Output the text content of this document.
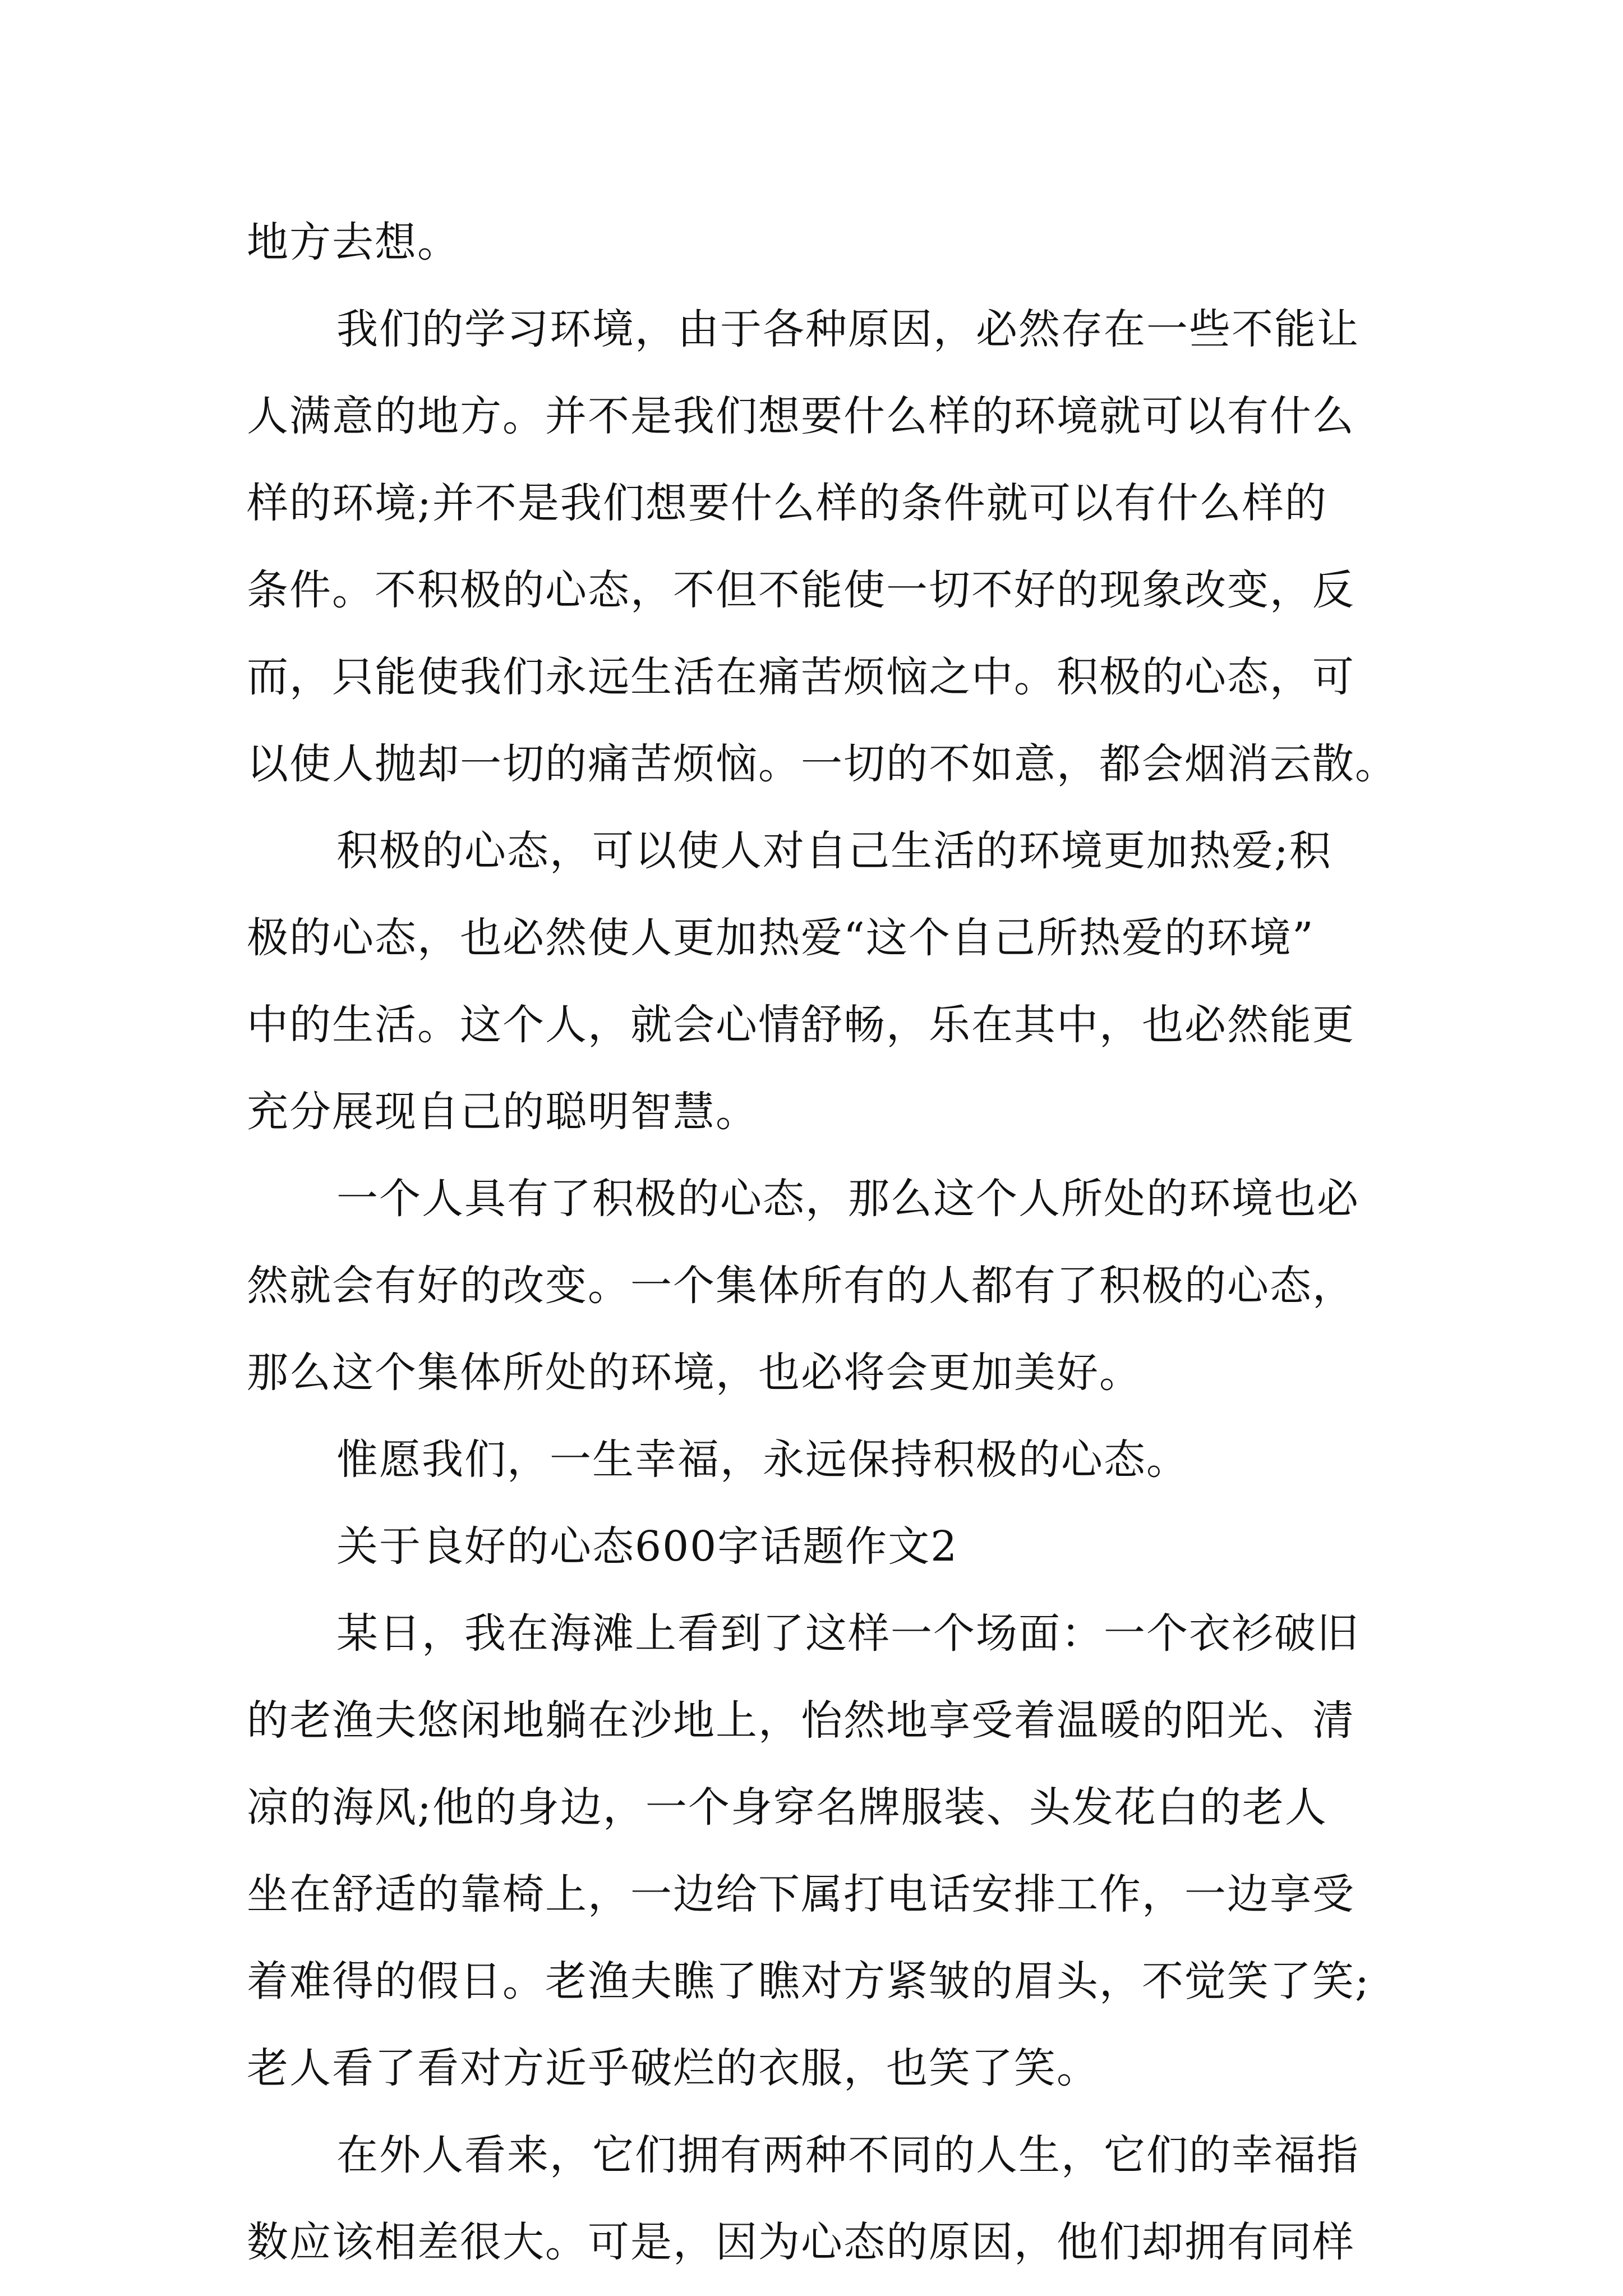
地方去想。
我们的学习环境，由于各种原因，必然存在一些不能让
人满意的地方。并不是我们想要什么样的环境就可以有什么
样的环境;并不是我们想要什么样的条件就可以有什么样的
条件。不积极的心态，不但不能使一切不好的现象改变，反
而，只能使我们永远生活在痛苦烦恼之中。积极的心态，可
以使人抛却一切的痛苦烦恼。一切的不如意，都会烟消云散。
积极的心态，可以使人对自己生活的环境更加热爱;积
极的心态，也必然使人更加热爱“这个自己所热爱的环境”
中的生活。这个人，就会心情舒畅，乐在其中，也必然能更
充分展现自己的聪明智慧。
一个人具有了积极的心态，那么这个人所处的环境也必
然就会有好的改变。一个集体所有的人都有了积极的心态，
那么这个集体所处的环境，也必将会更加美好。
惟愿我们，一生幸福，永远保持积极的心态。
关于良好的心态600字话题作文2
某日，我在海滩上看到了这样一个场面：一个衣衫破旧
的老渔夫悠闲地躺在沙地上，怡然地享受着温暖的阳光、清
凉的海风;他的身边，一个身穿名牌服装、头发花白的老人
坐在舒适的靠椅上，一边给下属打电话安排工作，一边享受
着难得的假日。老渔夫瞧了瞧对方紧皱的眉头，不觉笑了笑;
老人看了看对方近乎破烂的衣服，也笑了笑。
在外人看来，它们拥有两种不同的人生，它们的幸福指
数应该相差很大。可是，因为心态的原因，他们却拥有同样
